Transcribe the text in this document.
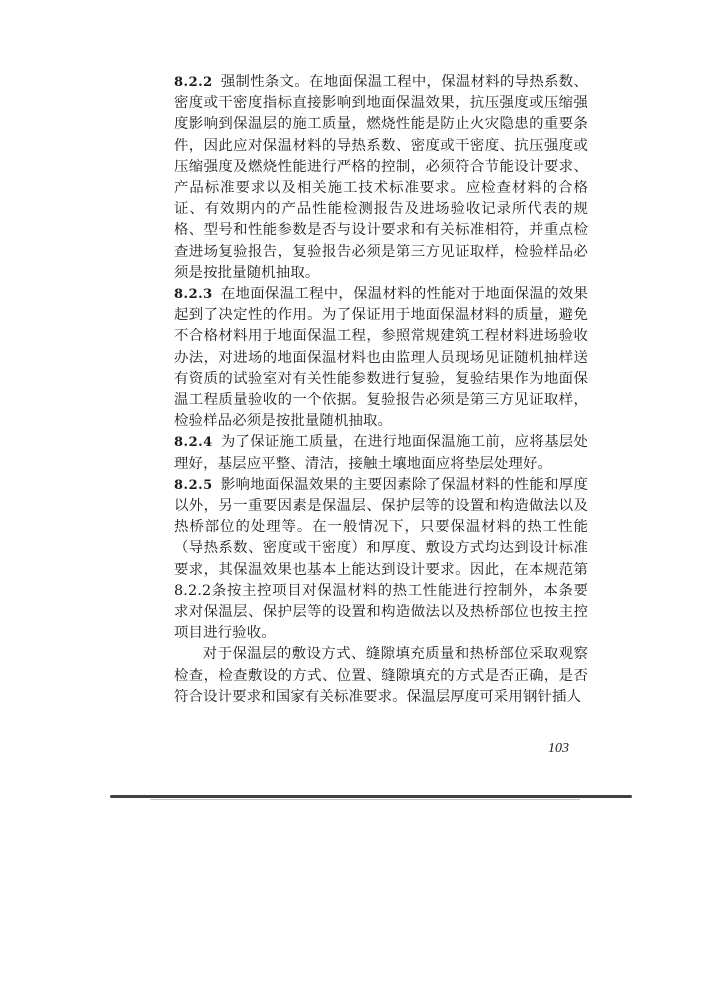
8.2.2 强制性条文。在地面保温工程中，保温材料的导热系数、密度或干密度指标直接影响到地面保温效果，抗压强度或压缩强度影响到保温层的施工质量，燃烧性能是防止火灾隐患的重要条件，因此应对保温材料的导热系数、密度或干密度、抗压强度或压缩强度及燃烧性能进行严格的控制，必须符合节能设计要求、产品标准要求以及相关施工技术标准要求。应检查材料的合格证、有效期内的产品性能检测报告及进场验收记录所代表的规格、型号和性能参数是否与设计要求和有关标准相符，并重点检查进场复验报告，复验报告必须是第三方见证取样，检验样品必须是按批量随机抽取。

8.2.3 在地面保温工程中，保温材料的性能对于地面保温的效果起到了决定性的作用。为了保证用于地面保温材料的质量，避免不合格材料用于地面保温工程，参照常规建筑工程材料进场验收办法，对进场的地面保温材料也由监理人员现场见证随机抽样送有资质的试验室对有关性能参数进行复验，复验结果作为地面保温工程质量验收的一个依据。复验报告必须是第三方见证取样，检验样品必须是按批量随机抽取。

8.2.4 为了保证施工质量，在进行地面保温施工前，应将基层处理好，基层应平整、清洁，接触土壤地面应将垫层处理好。

8.2.5 影响地面保温效果的主要因素除了保温材料的性能和厚度以外，另一重要因素是保温层、保护层等的设置和构造做法以及热桥部位的处理等。在一般情况下，只要保温材料的热工性能（导热系数、密度或干密度）和厚度、敷设方式均达到设计标准要求，其保温效果也基本上能达到设计要求。因此，在本规范第8.2.2条按主控项目对保温材料的热工性能进行控制外，本条要求对保温层、保护层等的设置和构造做法以及热桥部位也按主控项目进行验收。

对于保温层的敷设方式、缝隙填充质量和热桥部位采取观察检查，检查敷设的方式、位置、缝隙填充的方式是否正确，是否符合设计要求和国家有关标准要求。保温层厚度可采用钢针插人

103
